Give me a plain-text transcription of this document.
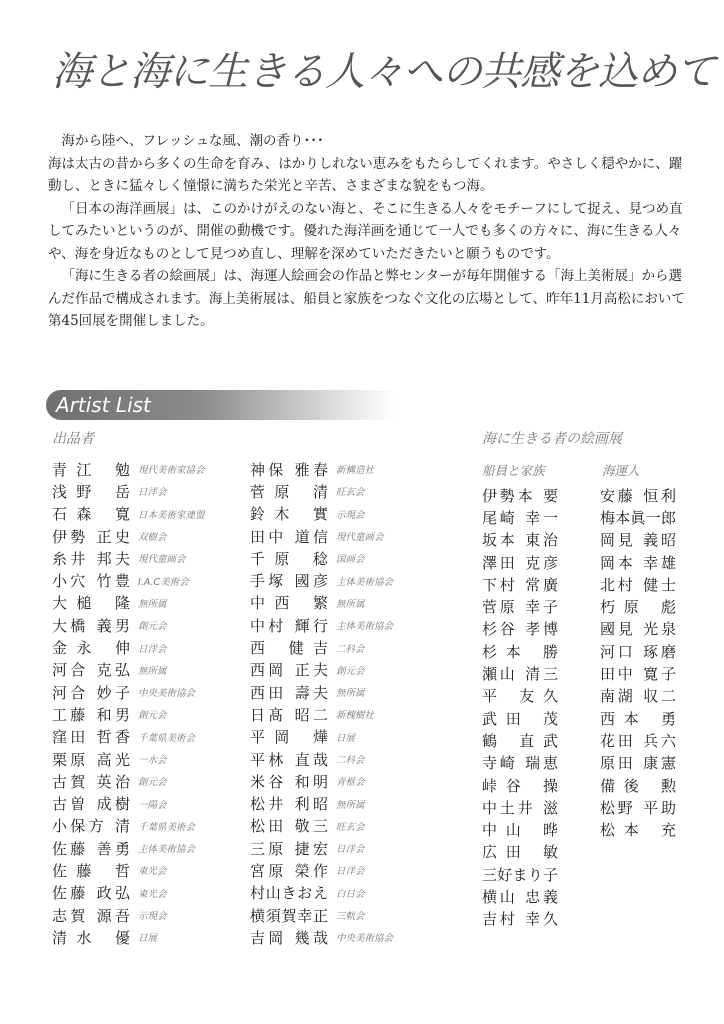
海と海に生きる人々への共感を込めて

海から陸へ、フレッシュな風、潮の香り･･･

海は太古の昔から多くの生命を育み、はかりしれない恵みをもたらしてくれます。やさしく穏やかに、躍動し、ときに猛々しく憧憬に満ちた栄光と辛苦、さまざまな貌をもつ海。

「日本の海洋画展」は、このかけがえのない海と、そこに生きる人々をモチーフにして捉え、見つめ直してみたいというのが、開催の動機です。優れた海洋画を通じて一人でも多くの方々に、海に生きる人々や、海を身近なものとして見つめ直し、理解を深めていただきたいと願うものです。

「海に生きる者の絵画展」は、海運人絵画会の作品と弊センターが毎年開催する「海上美術展」から選んだ作品で構成されます。海上美術展は、船員と家族をつなぐ文化の広場として、昨年11月高松において第45回展を開催しました。

Artist List
出品者	海に生きる者の絵画展
船員と家族	海運人
青江 勉 現代美術家協会
浅野 岳 日洋会
石森 寛 日本美術家連盟
伊勢 正史 双樹会
糸井 邦夫 現代童画会
小穴 竹豊 I.A.C美術会
大槌 隆 無所属
大橋 義男 創元会
金永 伸 日洋会
河合 克弘 無所属
河合 妙子 中央美術協会
工藤 和男 創元会
窪田 哲香 千葉県美術会
栗原 高光 一水会
古賀 英治 創元会
古曽 成樹 一陽会
小保方 清 千葉県美術会
佐藤 善勇 主体美術協会
佐藤 哲 東光会
佐藤 政弘 東光会
志賀 源吾 示現会
清水 優 日展
神保 雅春 新構造社
菅原 清 旺玄会
鈴木 實 示現会
田中 道信 現代童画会
千原 稔 国画会
手塚 國彦 主体美術協会
中西 繁 無所属
中村 輝行 主体美術協会
西 健吉 二科会
西岡 正夫 創元会
西田 壽夫 無所属
日髙 昭二 新槐樹社
平岡 燁 日展
平林 直哉 二科会
米谷 和明 青枢会
松井 利昭 無所属
松田 敬三 旺玄会
三原 捷宏 日洋会
宮原 榮作 日洋会
村山きおえ 白日会
横須賀幸正 三軌会
吉岡 幾哉 中央美術協会
伊勢本 要
尾崎 幸一
坂本 東治
澤田 克彦
下村 常廣
菅原 幸子
杉谷 孝博
杉本 勝
瀬山 清三
平 友久
武田 茂
鶴 直武
寺崎 瑞恵
峠谷 操
中土井 滋
中山 晔
広田 敏
三好まり子
横山 忠義
吉村 幸久
安藤 恒利
梅本眞一郎
岡見 義昭
岡本 幸雄
北村 健士
朽原 彪
國見 光泉
河口 琢磨
田中 寛子
南湖 収二
西本 勇
花田 兵六
原田 康憲
備後 勲
松野 平助
松本 充
